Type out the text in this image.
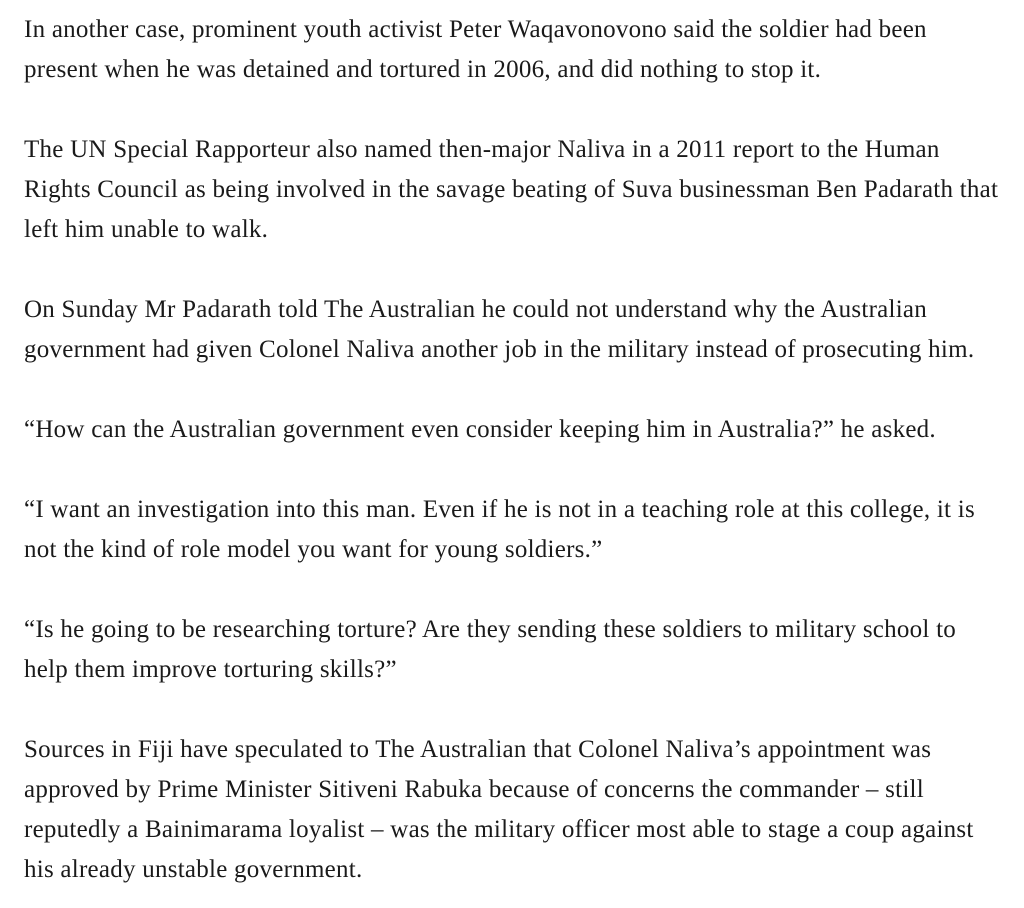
In another case, prominent youth activist Peter Waqavonovono said the soldier had been present when he was detained and tortured in 2006, and did nothing to stop it.

The UN Special Rapporteur also named then-major Naliva in a 2011 report to the Human Rights Council as being involved in the savage beating of Suva businessman Ben Padarath that left him unable to walk.

On Sunday Mr Padarath told The Australian he could not understand why the Australian government had given Colonel Naliva another job in the military instead of prosecuting him.

“How can the Australian government even consider keeping him in Australia?” he asked.

“I want an investigation into this man. Even if he is not in a teaching role at this college, it is not the kind of role model you want for young soldiers.”

“Is he going to be researching torture? Are they sending these soldiers to military school to help them improve torturing skills?”

Sources in Fiji have speculated to The Australian that Colonel Naliva’s appointment was approved by Prime Minister Sitiveni Rabuka because of concerns the commander – still reputedly a Bainimarama loyalist – was the military officer most able to stage a coup against his already unstable government.
